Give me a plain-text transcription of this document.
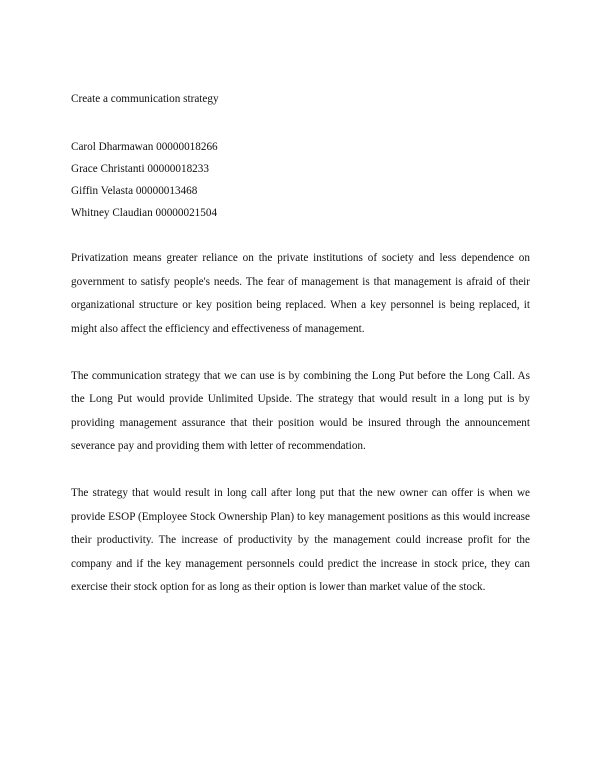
Create a communication strategy

Carol Dharmawan 00000018266
Grace Christanti 00000018233
Giffin Velasta 00000013468
Whitney Claudian 00000021504

Privatization means greater reliance on the private institutions of society and less dependence on government to satisfy people's needs. The fear of management is that management is afraid of their organizational structure or key position being replaced. When a key personnel is being replaced, it might also affect the efficiency and effectiveness of management.

The communication strategy that we can use is by combining the Long Put before the Long Call. As the Long Put would provide Unlimited Upside. The strategy that would result in a long put is by providing management assurance that their position would be insured through the announcement severance pay and providing them with letter of recommendation.

The strategy that would result in long call after long put that the new owner can offer is when we provide ESOP (Employee Stock Ownership Plan) to key management positions as this would increase their productivity. The increase of productivity by the management could increase profit for the company and if the key management personnels could predict the increase in stock price, they can exercise their stock option for as long as their option is lower than market value of the stock.
